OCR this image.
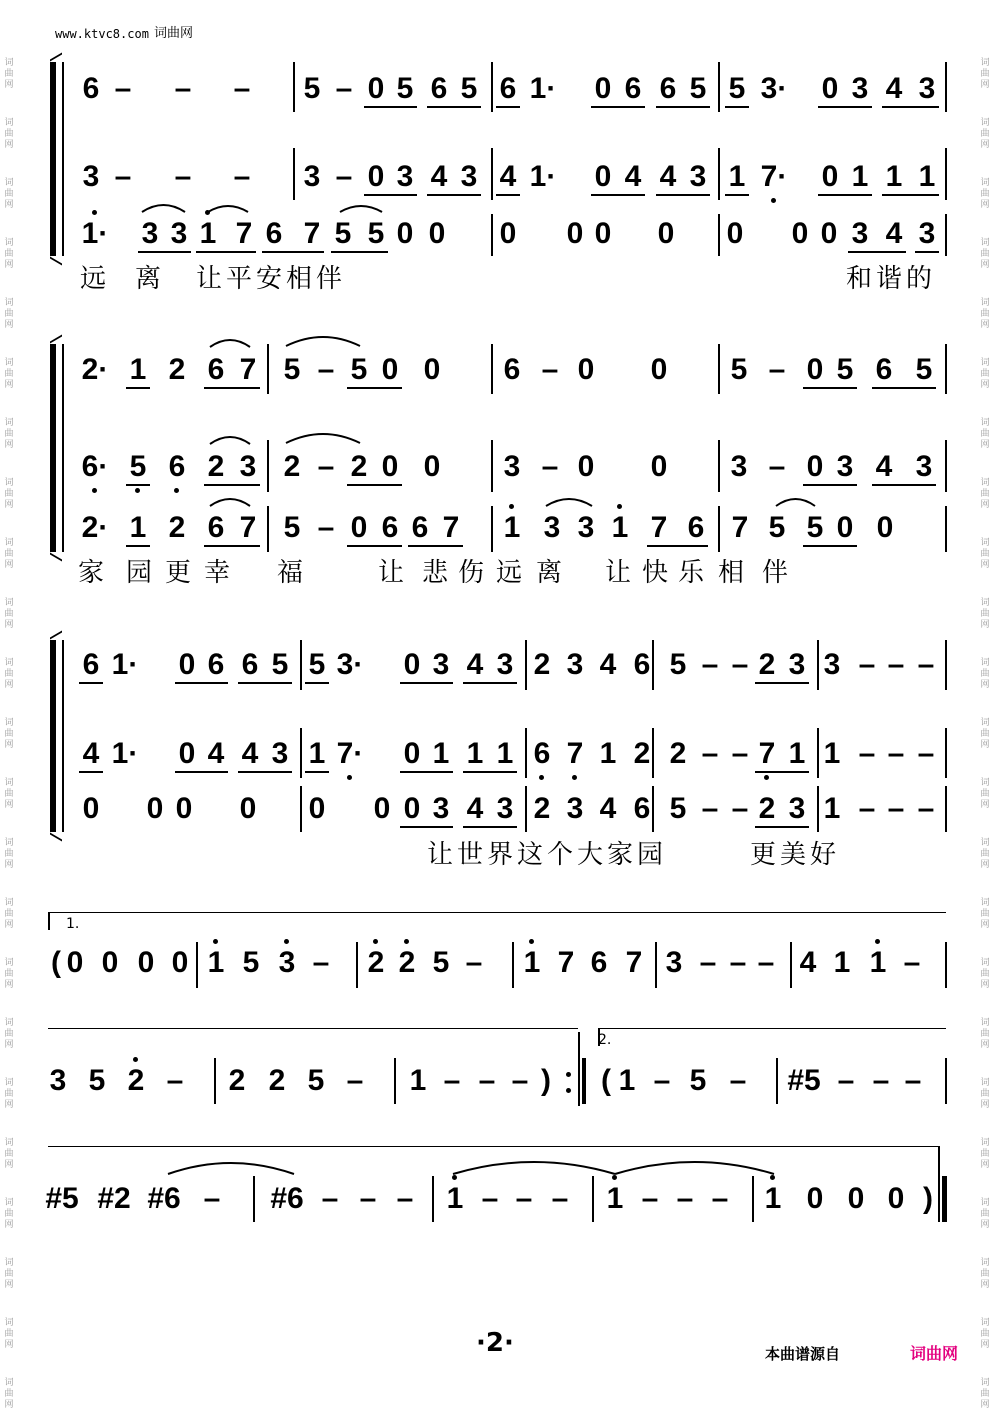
6 – – – 5 – 0 5 6 5 6 1· 0 6 6 5 5 3· 0 3 4 3
3 – – – 3 – 0 3 4 3 4 1· 0 4 4 3 1 7· 0 1 1 1
1· 3 3 1 7 6 7 5 5 0 0 0 0 0 0 0 0 0 3 4 3
远 离 让平安相伴	和谐的
2· 1 2 6 7 5 – 5 0 0 6 – 0 0 5 – 0 5 6 5
6· 5 6 2 3 2 – 2 0 0 3 – 0 0 3 – 0 3 4 3
2· 1 2 6 7 5 – 0 6 6 7 1 3 3 1 7 6 7 5 5 0 0
家 园 更 幸 福	让 悲 伤 远 离 让 快 乐 相 伴
6 1· 0 6 6 5 5 3· 0 3 4 3 2 3 4 6 5 – – 2 3 3 – – –
4 1· 0 4 4 3 1 7· 0 1 1 1 6 7 1 2 2 – – 7 1 1 – – –
0 0 0 0 0 0 0 3 4 3 2 3 4 6 5 – – 2 3 1 – – –
让世界这个大家园	更美好
( 0 0 0 0 1 5 3 – 2 2 5 – 1 7 6 7 3 – – – 4 1 1 –
3 5 2 – 2 2 5 – 1 – – – ) ( 1 – 5 – #5 – – –
#5 #2 #6 – #6 – – – 1 – – – 1 – – – 1 0 0 0 )
词
曲
网
词
曲
网
词
曲
网
词
曲
网
词
曲
网
词
曲
网
词
曲
网
词
曲
网
词
曲
网
词
曲
网
词
曲
网
词
曲
网
词
曲
网
词
曲
网
词
曲
网
词
曲
网
词
曲
网
词
曲
网
词
曲
网
词
曲
网
词
曲
网
词
曲
网
词
曲
网
词
曲
网
词
曲
网
词
曲
网
词
曲
网
词
曲
网
词
曲
网
词
曲
网
词
曲
网
词
曲
网
词
曲
网
词
曲
网
词
曲
网
词
曲
网
词
曲
网
词
曲
网
词
曲
网
词
曲
网
词
曲
网
词
曲
网
词
曲
网
词
曲
网
词
曲
网
词
曲
网
www.ktvc8.com 词曲网
·2·	本曲谱源自	词曲网
2.
1.
